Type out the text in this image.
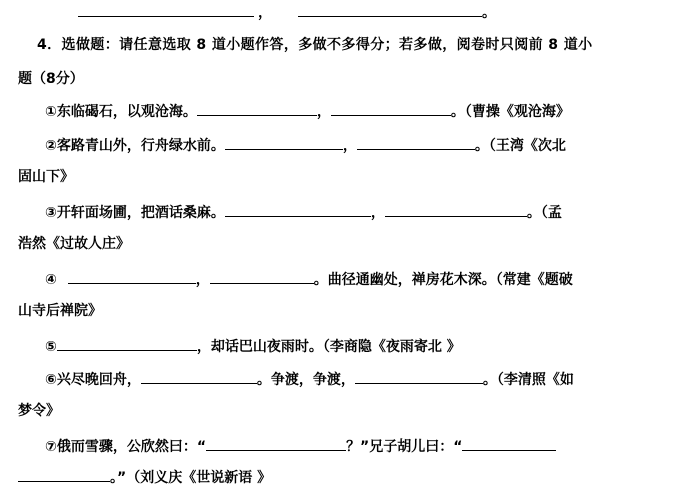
，	。
4．选做题：请任意选取 8 道小题作答，多做不多得分；若多做，阅卷时只阅前 8 道小
题（8分）
①东临碣石，以观沧海。	，	。（曹操《观沧海》
②客路青山外，行舟绿水前。	，	。（王湾《次北
固山下》
③开轩面场圃，把酒话桑麻。	，	。（孟
浩然《过故人庄》
④	，	。曲径通幽处，禅房花木深。（常建《题破
山寺后禅院》
⑤	，却话巴山夜雨时。（李商隐《夜雨寄北 》
⑥兴尽晚回舟，	。争渡，争渡，	。（李清照《如
梦令》
⑦俄而雪骤，公欣然曰：“	？”兄子胡儿曰：“
。”（刘义庆《世说新语 》
